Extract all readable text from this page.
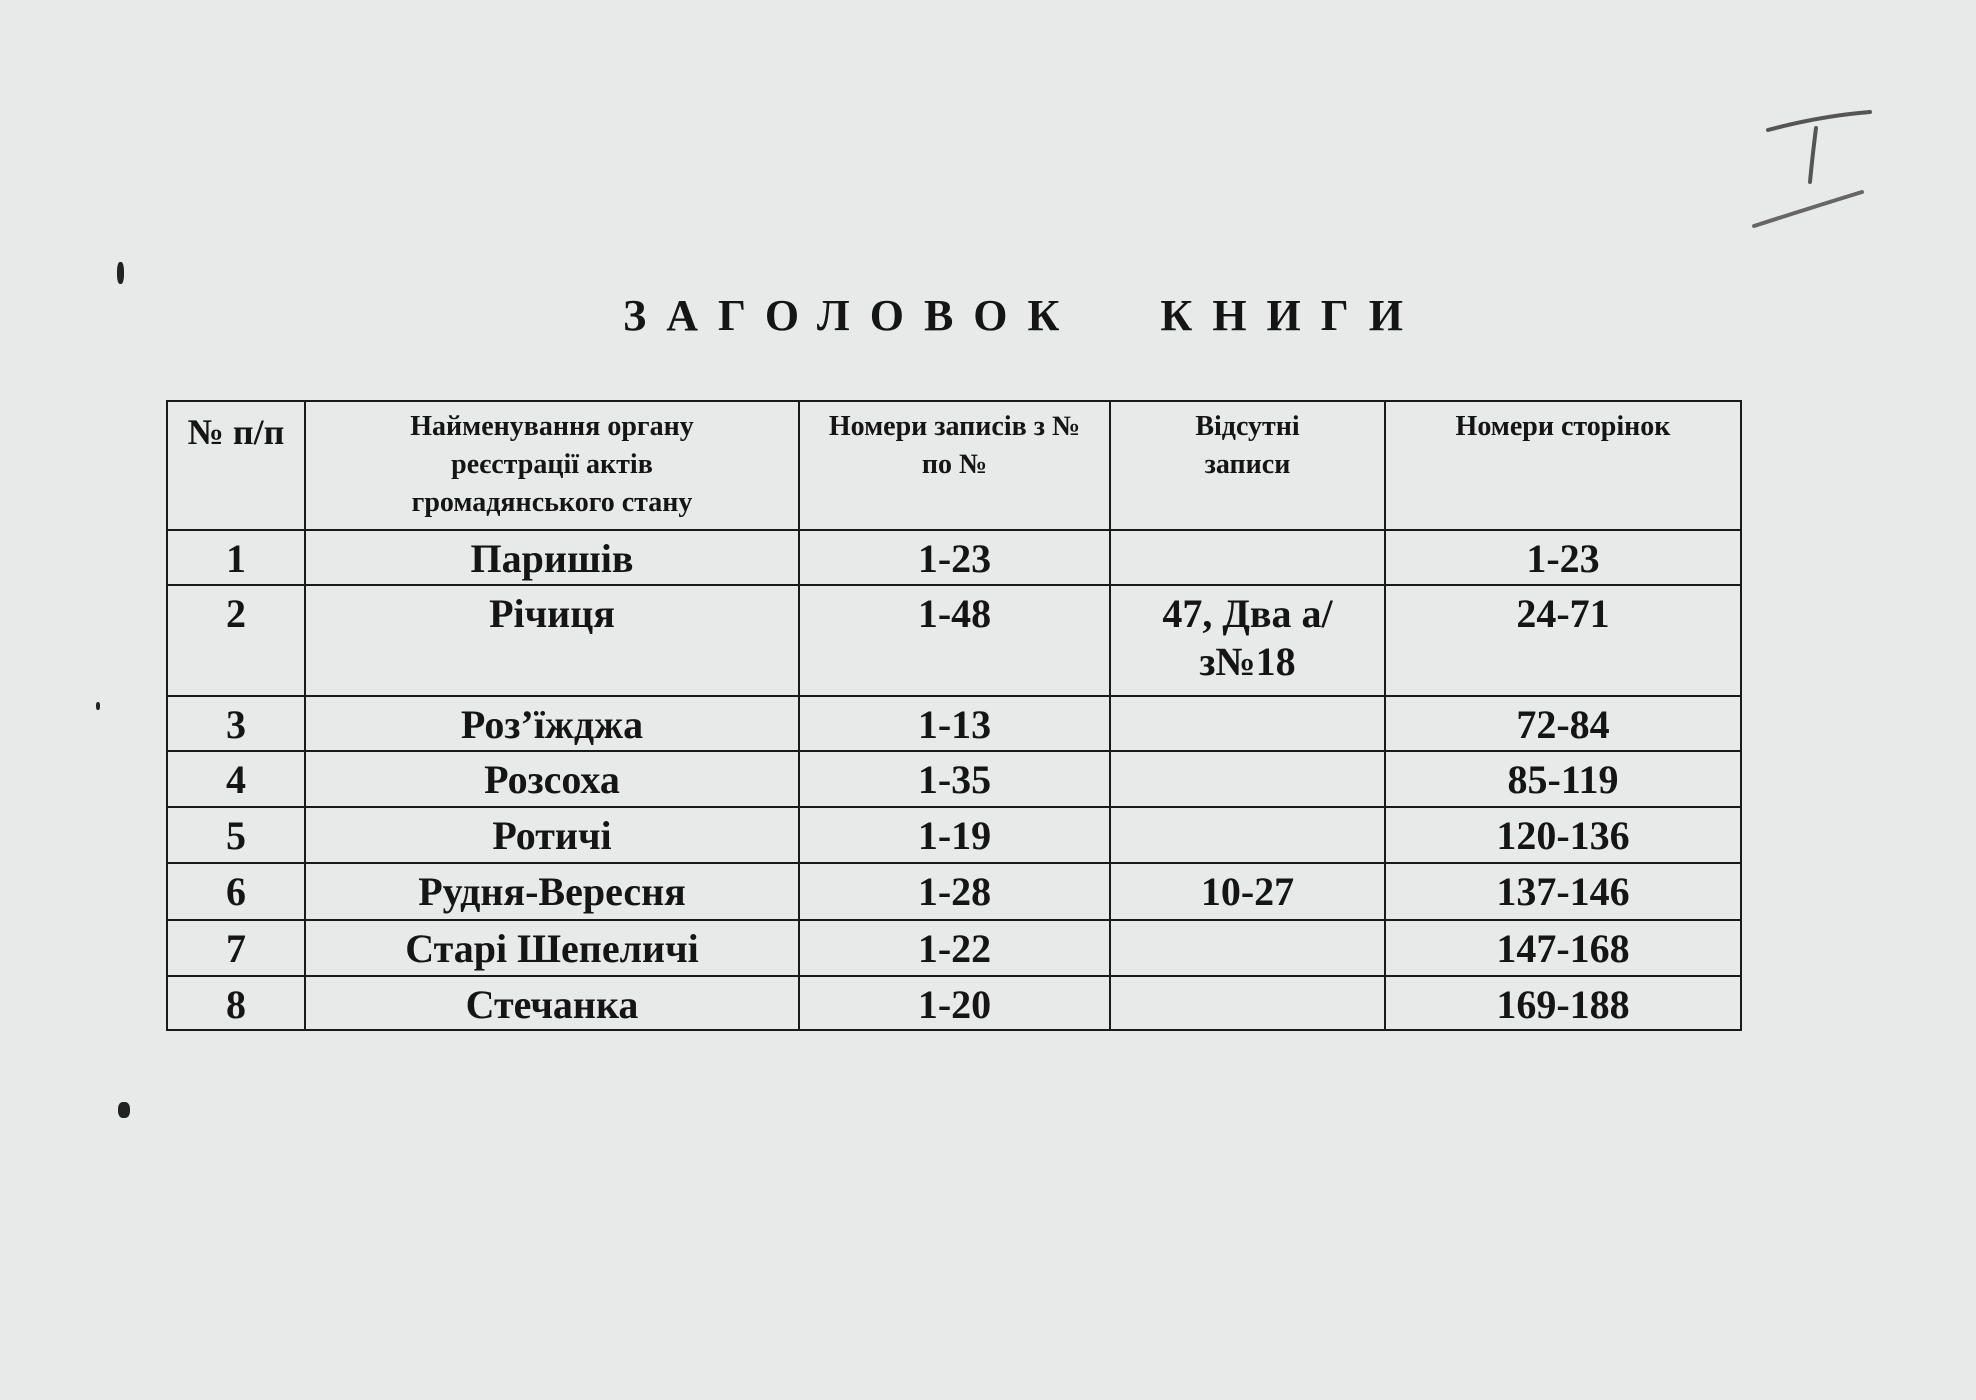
ЗАГОЛОВОК КНИГИ
№ п/п	Найменування органу реєстрації актів громадянського стану	Номери записів з № по №	Відсутні записи	Номери сторінок
1	Паришів	1-23		1-23
2	Річиця	1-48	47, Два а/з№18	24-71
3	Роз’їжджа	1-13		72-84
4	Розсоха	1-35		85-119
5	Ротичі	1-19		120-136
6	Рудня-Вересня	1-28	10-27	137-146
7	Старі Шепеличі	1-22		147-168
8	Стечанка	1-20		169-188
